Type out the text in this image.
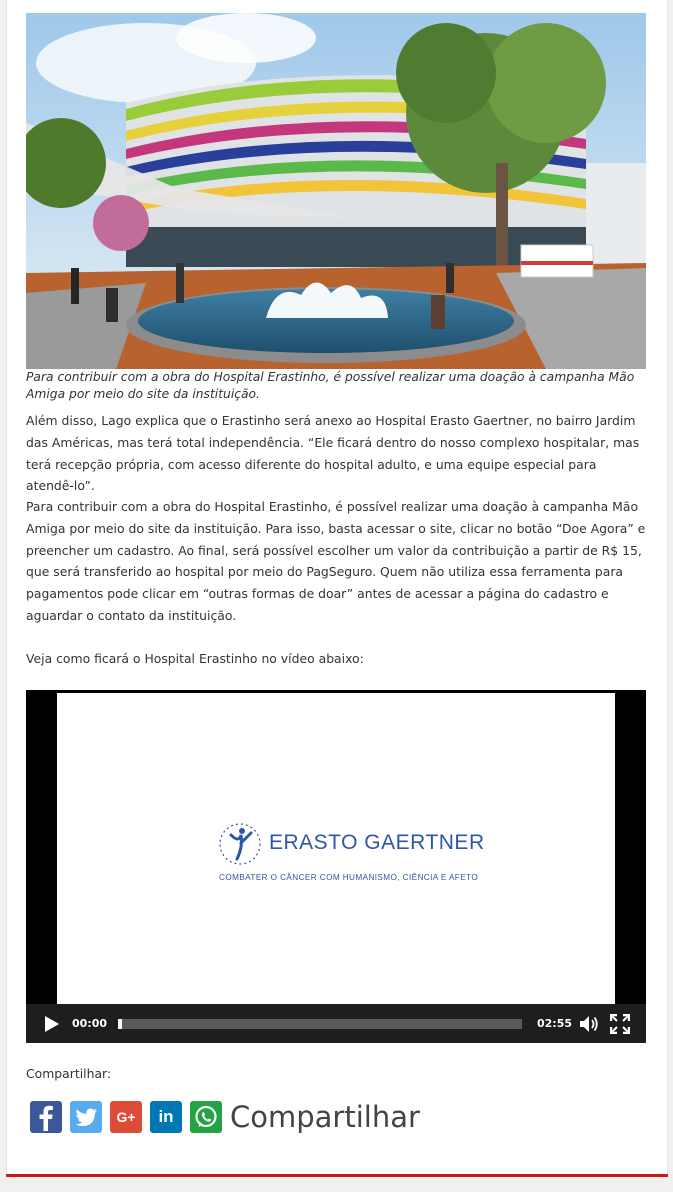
Para contribuir com a obra do Hospital Erastinho, é possível realizar uma doação à campanha Mão Amiga por meio do site da instituição.
Além disso, Lago explica que o Erastinho será anexo ao Hospital Erasto Gaertner, no bairro Jardim das Américas, mas terá total independência. “Ele ficará dentro do nosso complexo hospitalar, mas terá recepção própria, com acesso diferente do hospital adulto, e uma equipe especial para atendê-lo”.
Para contribuir com a obra do Hospital Erastinho, é possível realizar uma doação à campanha Mão Amiga por meio do site da instituição. Para isso, basta acessar o site, clicar no botão “Doe Agora” e preencher um cadastro. Ao final, será possível escolher um valor da contribuição a partir de R$ 15, que será transferido ao hospital por meio do PagSeguro. Quem não utiliza essa ferramenta para pagamentos pode clicar em “outras formas de doar” antes de acessar a página do cadastro e aguardar o contato da instituição.
Veja como ficará o Hospital Erastinho no vídeo abaixo:
ERASTO GAERTNER
COMBATER O CÂNCER COM HUMANISMO, CIÊNCIA E AFETO
00:00	02:55
Compartilhar:
G+ in Compartilhar
